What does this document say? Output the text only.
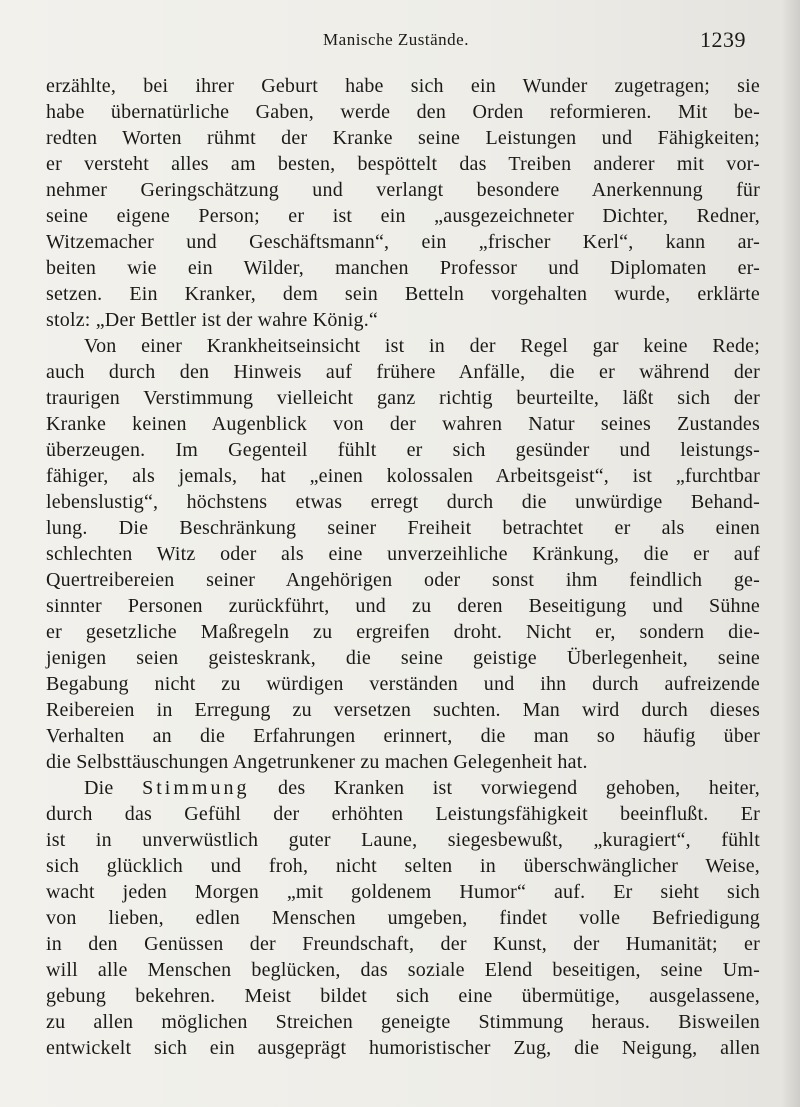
Manische Zustände.	1239
erzählte, bei ihrer Geburt habe sich ein Wunder zugetragen; sie
habe übernatürliche Gaben, werde den Orden reformieren. Mit be-
redten Worten rühmt der Kranke seine Leistungen und Fähigkeiten;
er versteht alles am besten, bespöttelt das Treiben anderer mit vor-
nehmer Geringschätzung und verlangt besondere Anerkennung für
seine eigene Person; er ist ein „ausgezeichneter Dichter, Redner,
Witzemacher und Geschäftsmann“, ein „frischer Kerl“, kann ar-
beiten wie ein Wilder, manchen Professor und Diplomaten er-
setzen. Ein Kranker, dem sein Betteln vorgehalten wurde, erklärte
stolz: „Der Bettler ist der wahre König.“
Von einer Krankheitseinsicht ist in der Regel gar keine Rede;
auch durch den Hinweis auf frühere Anfälle, die er während der
traurigen Verstimmung vielleicht ganz richtig beurteilte, läßt sich der
Kranke keinen Augenblick von der wahren Natur seines Zustandes
überzeugen. Im Gegenteil fühlt er sich gesünder und leistungs-
fähiger, als jemals, hat „einen kolossalen Arbeitsgeist“, ist „furchtbar
lebenslustig“, höchstens etwas erregt durch die unwürdige Behand-
lung. Die Beschränkung seiner Freiheit betrachtet er als einen
schlechten Witz oder als eine unverzeihliche Kränkung, die er auf
Quertreibereien seiner Angehörigen oder sonst ihm feindlich ge-
sinnter Personen zurückführt, und zu deren Beseitigung und Sühne
er gesetzliche Maßregeln zu ergreifen droht. Nicht er, sondern die-
jenigen seien geisteskrank, die seine geistige Überlegenheit, seine
Begabung nicht zu würdigen verständen und ihn durch aufreizende
Reibereien in Erregung zu versetzen suchten. Man wird durch dieses
Verhalten an die Erfahrungen erinnert, die man so häufig über
die Selbsttäuschungen Angetrunkener zu machen Gelegenheit hat.
Die Stimmung des Kranken ist vorwiegend gehoben, heiter,
durch das Gefühl der erhöhten Leistungsfähigkeit beeinflußt. Er
ist in unverwüstlich guter Laune, siegesbewußt, „kuragiert“, fühlt
sich glücklich und froh, nicht selten in überschwänglicher Weise,
wacht jeden Morgen „mit goldenem Humor“ auf. Er sieht sich
von lieben, edlen Menschen umgeben, findet volle Befriedigung
in den Genüssen der Freundschaft, der Kunst, der Humanität; er
will alle Menschen beglücken, das soziale Elend beseitigen, seine Um-
gebung bekehren. Meist bildet sich eine übermütige, ausgelassene,
zu allen möglichen Streichen geneigte Stimmung heraus. Bisweilen
entwickelt sich ein ausgeprägt humoristischer Zug, die Neigung, allen
